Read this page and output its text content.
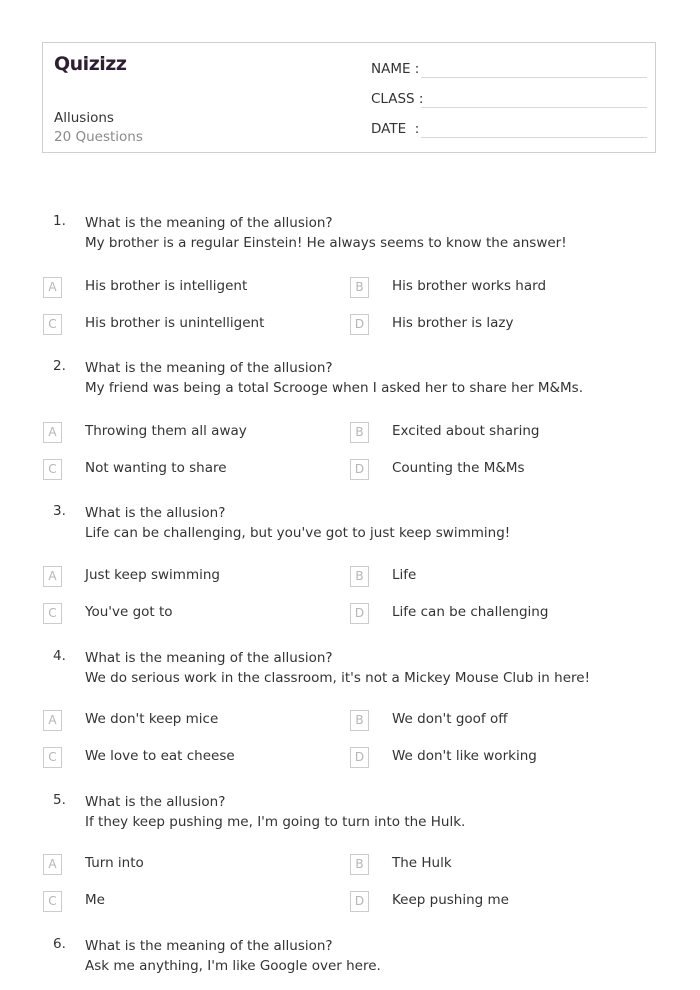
Quizizz
Allusions
20 Questions
NAME :
CLASS :
DATE  :
1. What is the meaning of the allusion?
My brother is a regular Einstein! He always seems to know the answer!
A	His brother is intelligent	B	His brother works hard
C	His brother is unintelligent	D	His brother is lazy
2. What is the meaning of the allusion?
My friend was being a total Scrooge when I asked her to share her M&Ms.
A	Throwing them all away	B	Excited about sharing
C	Not wanting to share	D	Counting the M&Ms
3. What is the allusion?
Life can be challenging, but you've got to just keep swimming!
A	Just keep swimming	B	Life
C	You've got to	D	Life can be challenging
4. What is the meaning of the allusion?
We do serious work in the classroom, it's not a Mickey Mouse Club in here!
A	We don't keep mice	B	We don't goof off
C	We love to eat cheese	D	We don't like working
5. What is the allusion?
If they keep pushing me, I'm going to turn into the Hulk.
A	Turn into	B	The Hulk
C	Me	D	Keep pushing me
6. What is the meaning of the allusion?
Ask me anything, I'm like Google over here.
